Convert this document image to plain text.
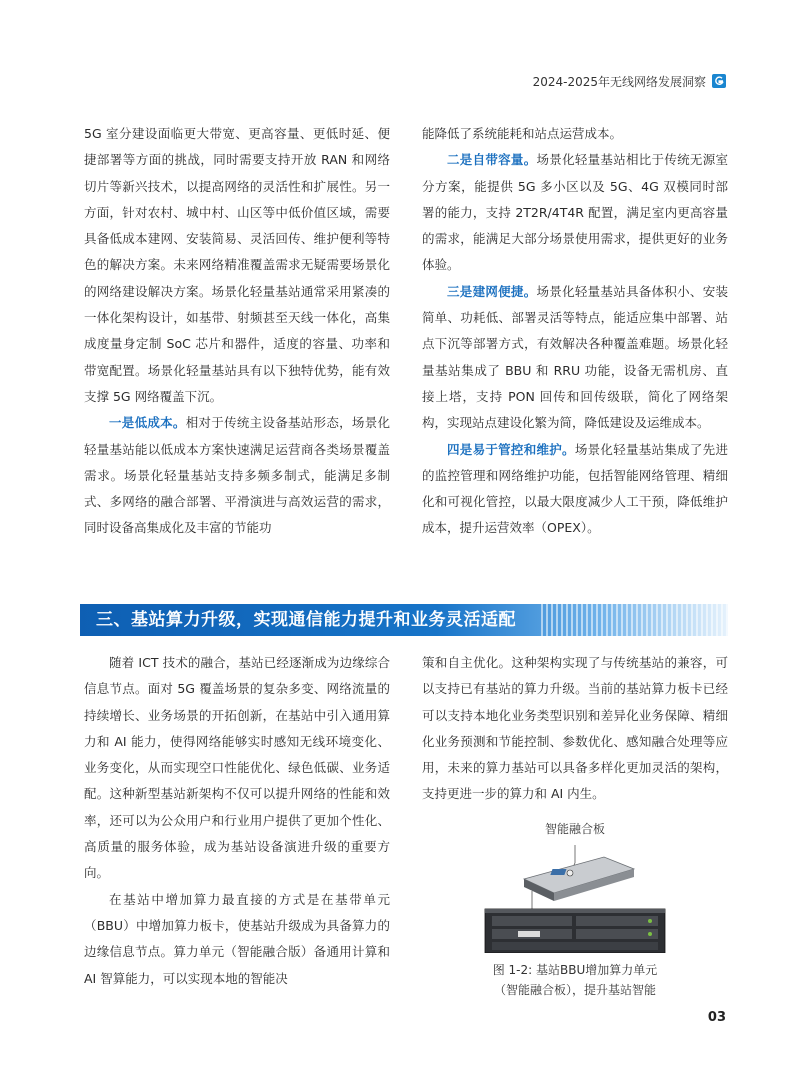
2024-2025年无线网络发展洞察

5G 室分建设面临更大带宽、更高容量、更低时延、便捷部署等方面的挑战，同时需要支持开放 RAN 和网络切片等新兴技术，以提高网络的灵活性和扩展性。另一方面，针对农村、城中村、山区等中低价值区域，需要具备低成本建网、安装简易、灵活回传、维护便利等特色的解决方案。未来网络精准覆盖需求无疑需要场景化的网络建设解决方案。场景化轻量基站通常采用紧凑的一体化架构设计，如基带、射频甚至天线一体化，高集成度量身定制 SoC 芯片和器件，适度的容量、功率和带宽配置。场景化轻量基站具有以下独特优势，能有效支撑 5G 网络覆盖下沉。

一是低成本。相对于传统主设备基站形态，场景化轻量基站能以低成本方案快速满足运营商各类场景覆盖需求。场景化轻量基站支持多频多制式，能满足多制式、多网络的融合部署、平滑演进与高效运营的需求，同时设备高集成化及丰富的节能功

能降低了系统能耗和站点运营成本。

二是自带容量。场景化轻量基站相比于传统无源室分方案，能提供 5G 多小区以及 5G、4G 双模同时部署的能力，支持 2T2R/4T4R 配置，满足室内更高容量的需求，能满足大部分场景使用需求，提供更好的业务体验。

三是建网便捷。场景化轻量基站具备体积小、安装简单、功耗低、部署灵活等特点，能适应集中部署、站点下沉等部署方式，有效解决各种覆盖难题。场景化轻量基站集成了 BBU 和 RRU 功能，设备无需机房、直接上塔，支持 PON 回传和回传级联，简化了网络架构，实现站点建设化繁为简，降低建设及运维成本。

四是易于管控和维护。场景化轻量基站集成了先进的监控管理和网络维护功能，包括智能网络管理、精细化和可视化管控，以最大限度减少人工干预，降低维护成本，提升运营效率（OPEX）。

三、基站算力升级，实现通信能力提升和业务灵活适配

随着 ICT 技术的融合，基站已经逐渐成为边缘综合信息节点。面对 5G 覆盖场景的复杂多变、网络流量的持续增长、业务场景的开拓创新，在基站中引入通用算力和 AI 能力，使得网络能够实时感知无线环境变化、业务变化，从而实现空口性能优化、绿色低碳、业务适配。这种新型基站新架构不仅可以提升网络的性能和效率，还可以为公众用户和行业用户提供了更加个性化、高质量的服务体验，成为基站设备演进升级的重要方向。

在基站中增加算力最直接的方式是在基带单元（BBU）中增加算力板卡，使基站升级成为具备算力的边缘信息节点。算力单元（智能融合版）备通用计算和 AI 智算能力，可以实现本地的智能决

策和自主优化。这种架构实现了与传统基站的兼容，可以支持已有基站的算力升级。当前的基站算力板卡已经可以支持本地化业务类型识别和差异化业务保障、精细化业务预测和节能控制、参数优化、感知融合处理等应用，未来的算力基站可以具备多样化更加灵活的架构，支持更进一步的算力和 AI 内生。

智能融合板
图 1-2: 基站BBU增加算力单元
（智能融合板），提升基站智能
03
